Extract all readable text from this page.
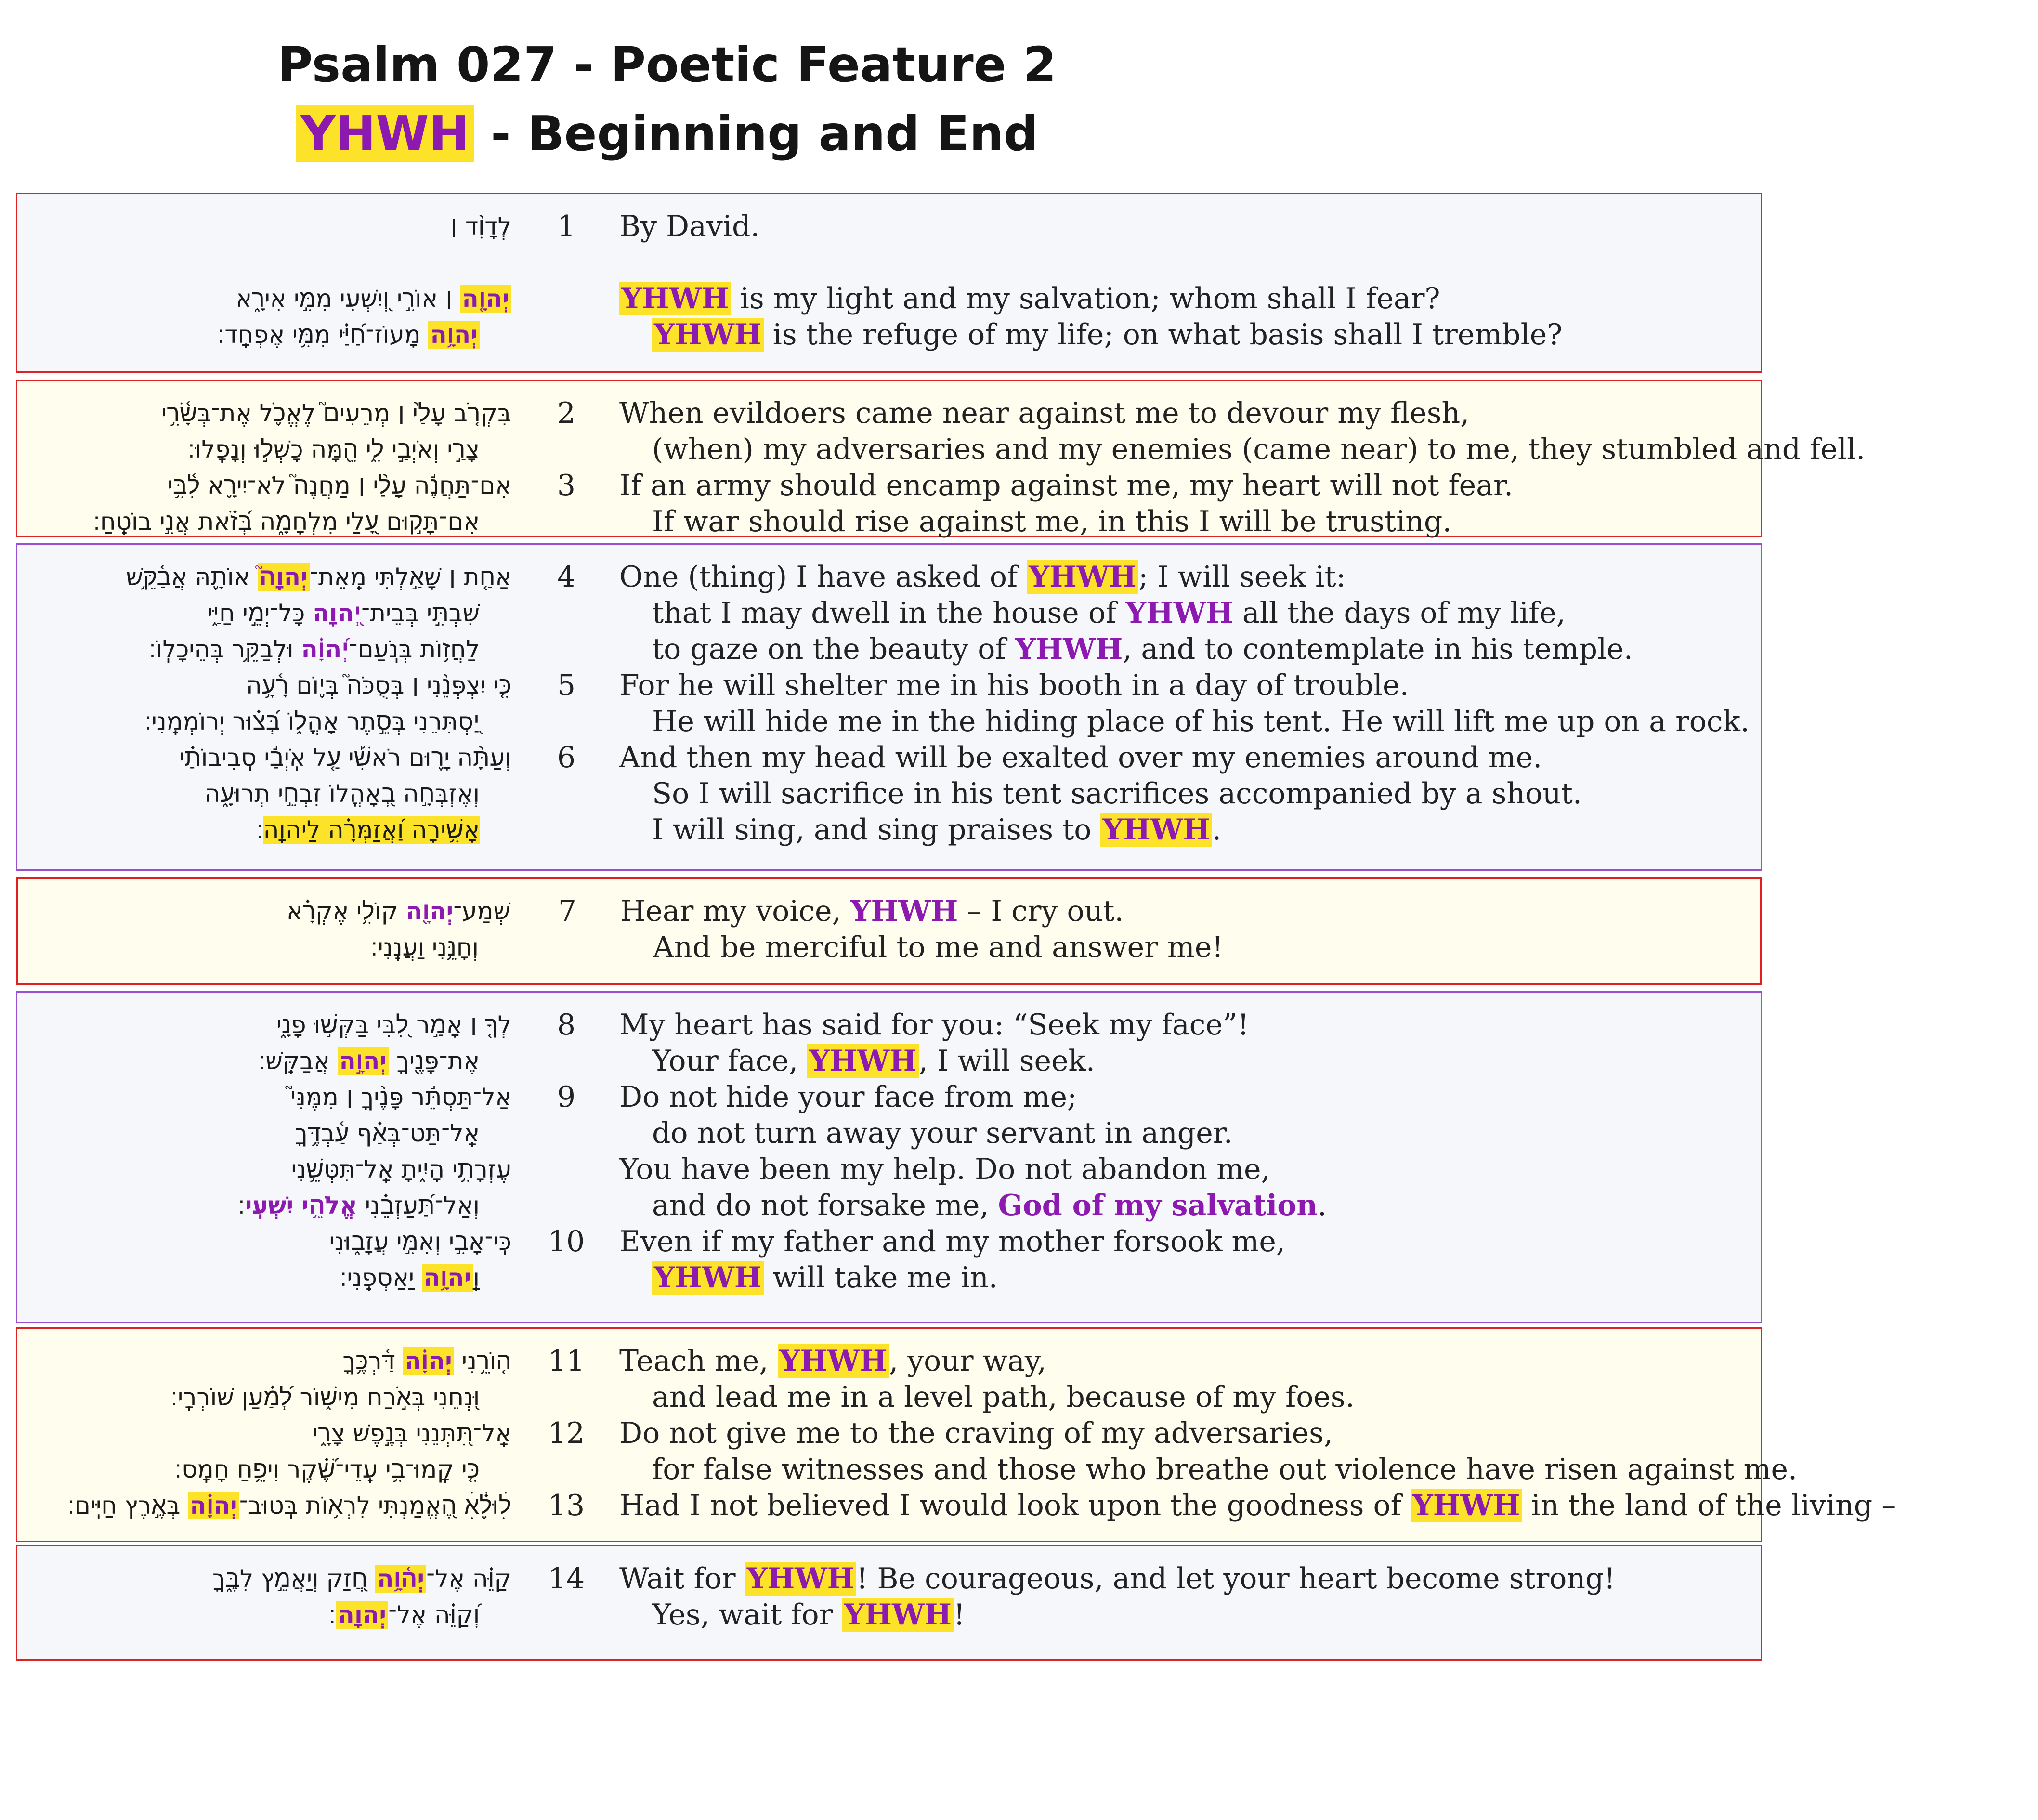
Psalm 027 - Poetic Feature 2
YHWH - Beginning and End
לְדָוִ֨ד ׀	1	By David.
יְהוָ֤ה ׀ אוֹרִ֣י וְ֭יִשְׁעִי מִמִּ֣י אִירָ֑א	YHWH is my light and my salvation; whom shall I fear?
יְהוָ֥ה מָעוֹז־חַ֝יַּ֗י מִמִּ֥י אֶפְחָֽד׃	YHWH is the refuge of my life; on what basis shall I tremble?
בִּקְרֹ֤ב עָלַ֙י ׀ מְרֵעִים֮ לֶאֱכֹ֪ל אֶת־בְּשָׂ֫רִ֥י	2	When evildoers came near against me to devour my flesh,
צָרַ֣י וְאֹיְבַ֣י לִ֑י הֵ֖מָּה כָשְׁל֣וּ וְנָפָֽלוּ׃	(when) my adversaries and my enemies (came near) to me, they stumbled and fell.
אִם־תַּחֲנֶ֬ה עָלַ֨י ׀ מַחֲנֶה֮ לֹא־יִירָ֪א לִ֫בִּ֥י	3	If an army should encamp against me, my heart will not fear.
אִם־תָּק֣וּם עָ֭לַי מִלְחָמָ֑ה בְּ֝זֹ֗את אֲנִ֣י בוֹטֵֽחַ׃	If war should rise against me, in this I will be trusting.
אַחַ֤ת ׀ שָׁאַ֣לְתִּי מֵֽאֵת־יְהוָה֮ אוֹתָ֪הּ אֲבַ֫קֵּ֥שׁ	4	One (thing) I have asked of YHWH; I will seek it:
שִׁבְתִּ֣י בְּבֵית־יְ֭הוָה כָּל־יְמֵ֣י חַיַּ֑י	that I may dwell in the house of YHWH all the days of my life,
לַחֲז֥וֹת בְּנֹֽעַם־יְ֝הוָ֗ה וּלְבַקֵּ֥ר בְּהֵיכָלֽוֹ׃	to gaze on the beauty of YHWH, and to contemplate in his temple.
כִּ֤י יִצְפְּנֵ֨נִי ׀ בְּסֻכֹּה֮ בְּי֪וֹם רָ֫עָ֥ה	5	For he will shelter me in his booth in a day of trouble.
יַ֭סְתִּרֵנִי בְּסֵ֣תֶר אָהֳל֑וֹ בְּ֝צ֗וּר יְרוֹמְמֵֽנִי׃	He will hide me in the hiding place of his tent. He will lift me up on a rock.
וְעַתָּ֨ה יָר֪וּם רֹאשִׁ֡י עַ֤ל אֹֽיְבַ֬י סְֽבִיבוֹתַ֗י	6	And then my head will be exalted over my enemies around me.
וְאֶזְבְּחָ֣ה בְ֭אָהֳלוֹ זִבְחֵ֣י תְרוּעָ֑ה	So I will sacrifice in his tent sacrifices accompanied by a shout.
אָשִׁ֥ירָה וַ֝אֲזַמְּרָ֗ה לַיהוָֽה׃	I will sing, and sing praises to YHWH.
שְׁמַע־יְהוָ֖ה קוֹלִ֥י אֶקְרָ֗א	7	Hear my voice, YHWH – I cry out.
וְחָנֵּ֥נִי וַעֲנֵֽנִי׃	And be merciful to me and answer me!
לְךָ֤ ׀ אָמַ֣ר לִ֭בִּי בַּקְּשׁ֣וּ פָנָ֑י	8	My heart has said for you: “Seek my face”!
אֶת־פָּנֶ֖יךָ יְהוָ֣ה אֲבַקֵּֽשׁ׃	Your face, YHWH, I will seek.
אַל־תַּסְתֵּ֬ר פָּנֶ֨יךָ ׀ מִמֶּנִּי֮	9	Do not hide your face from me;
אַֽל־תַּט־בְּאַ֗ף עַ֫בְדֶּ֥ךָ	do not turn away your servant in anger.
עֶזְרָתִ֥י הָיִ֑יתָ אַֽל־תִּטְּשֵׁ֥נִי	You have been my help. Do not abandon me,
וְאַל־תַּ֝עַזְבֵ֗נִי אֱלֹהֵ֥י יִשְׁעִֽי׃	and do not forsake me, God of my salvation.
כִּֽי־אָבִ֣י וְאִמִּ֣י עֲזָב֑וּנִי	10	Even if my father and my mother forsook me,
וַֽיהוָ֥ה יַאַסְפֵֽנִי׃	YHWH will take me in.
ה֤וֹרֵ֥נִי יְהוָ֗ה דַּ֫רְכֶּ֥ךָ	11	Teach me, YHWH, your way,
וּ֭נְחֵנִי בְּאֹ֣רַח מִישׁ֑וֹר לְ֝מַ֗עַן שׁוֹרְרָֽי׃	and lead me in a level path, because of my foes.
אַֽל־תִּ֭תְּנֵנִי בְּנֶ֣פֶשׁ צָרָ֑י	12	Do not give me to the craving of my adversaries,
כִּ֤י קָֽמוּ־בִ֥י עֵֽדֵי־שֶׁ֝֗קֶר וִיפֵ֥חַ חָמָֽס׃	for false witnesses and those who breathe out violence have risen against me.
לׅׄוּלֵׅׄ֗אׅׄ הֶ֭אֱמַנְתִּי לִרְא֥וֹת בְּֽטוּב־יְהוָ֗ה בְּאֶ֣רֶץ חַיִּֽים׃	13	Had I not believed I would look upon the goodness of YHWH in the land of the living –
קַוֵּ֗ה אֶל־יְה֫וָ֥ה חֲ֭זַק וְיַאֲמֵ֣ץ לִבֶּ֑ךָ	14	Wait for YHWH! Be courageous, and let your heart become strong!
וְ֝קַוֵּ֗ה אֶל־יְהוָֽה׃	Yes, wait for YHWH!
